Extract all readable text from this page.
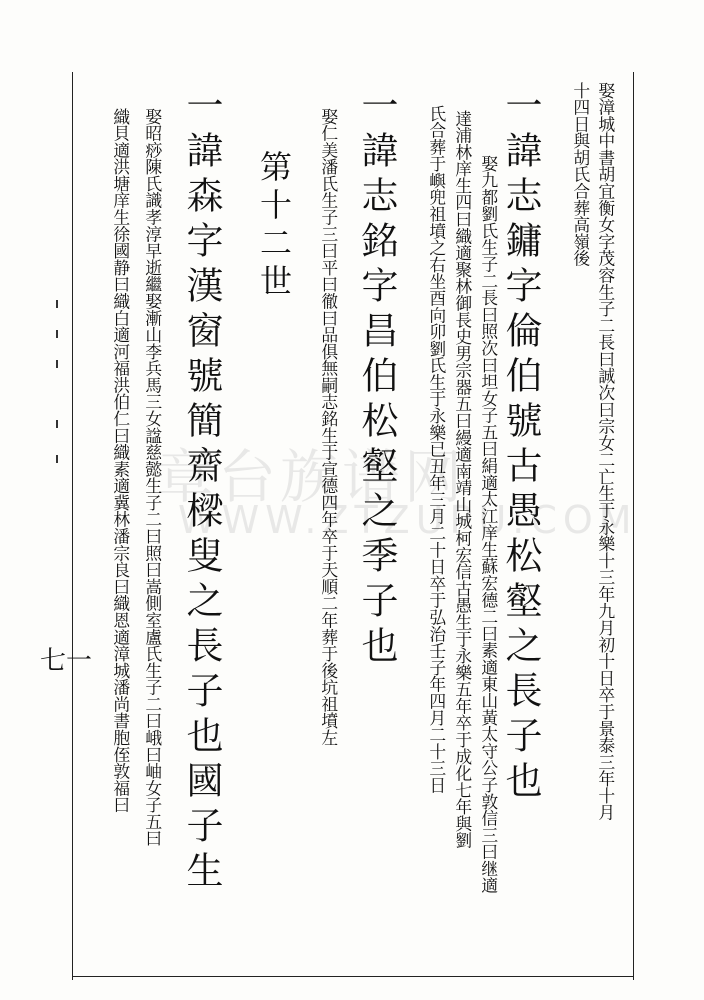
章台族谱网
WWW.ZTZUPU.COM
娶漳城中書胡宜衡女字茂容生子二長曰誠次曰宗女二亡生于永樂十三年九月初十日卒于景泰三年十月
十四日與胡氏合葬高嶺後
一諱志鏞字倫伯號古愚松壑之長子也
娶九都劉氏生子二長曰照次曰坦女子五曰絹適太江庠生蘇宏德二曰素適東山黃太守公子敦信三曰继適
達浦林庠生四曰織適聚林御長史男宗器五曰縵適南靖山城柯宏信古愚生于永樂五年卒于成化七年與劉
氏合葬于嶼兜祖墳之右坐酉向卯劉氏生于永樂已丑年三月二十日卒于弘治壬子年四月二十三日
一諱志銘字昌伯松壑之季子也
娶仁美潘氏生子三曰平曰徹曰品俱無嗣志銘生于宣德四年卒于天順二年葬于後坑祖墳左
第十二世
一諱森字漢窗號簡齋樑叟之長子也國子生
娶昭痧陳氏識孝淳早逝繼娶漸山李兵馬三女諡慈懿生子二曰照曰嵩側室盧氏生子二曰峨曰岫女子五曰
織貝適洪塘庠生徐國静曰織白適河福洪伯仁曰織素適冀林潘宗良曰織恩適漳城潘尚書胞侄敦福曰
七一
